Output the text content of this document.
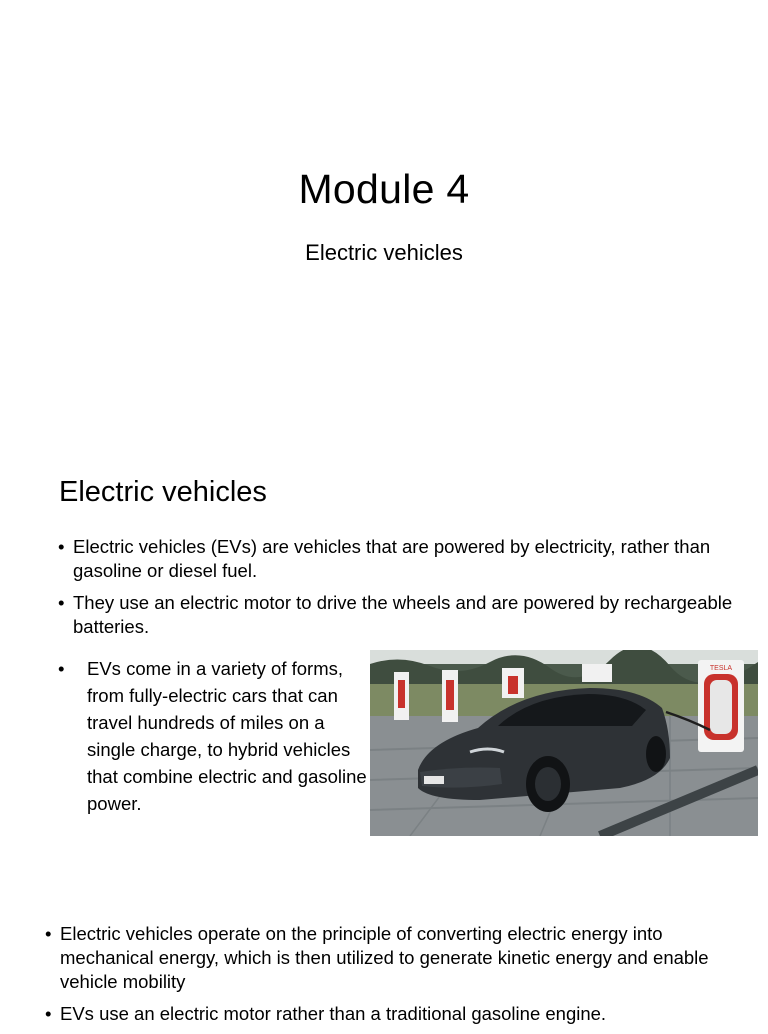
Module 4
Electric vehicles
Electric vehicles
• Electric vehicles (EVs) are vehicles that are powered by electricity, rather than gasoline or diesel fuel.
• They use an electric motor to drive the wheels and are powered by rechargeable batteries.
• EVs come in a variety of forms, from fully-electric cars that can travel hundreds of miles on a single charge, to hybrid vehicles that combine electric and gasoline power.
TESLA
• Electric vehicles operate on the principle of converting electric energy into mechanical energy, which is then utilized to generate kinetic energy and enable vehicle mobility
• EVs use an electric motor rather than a traditional gasoline engine.
